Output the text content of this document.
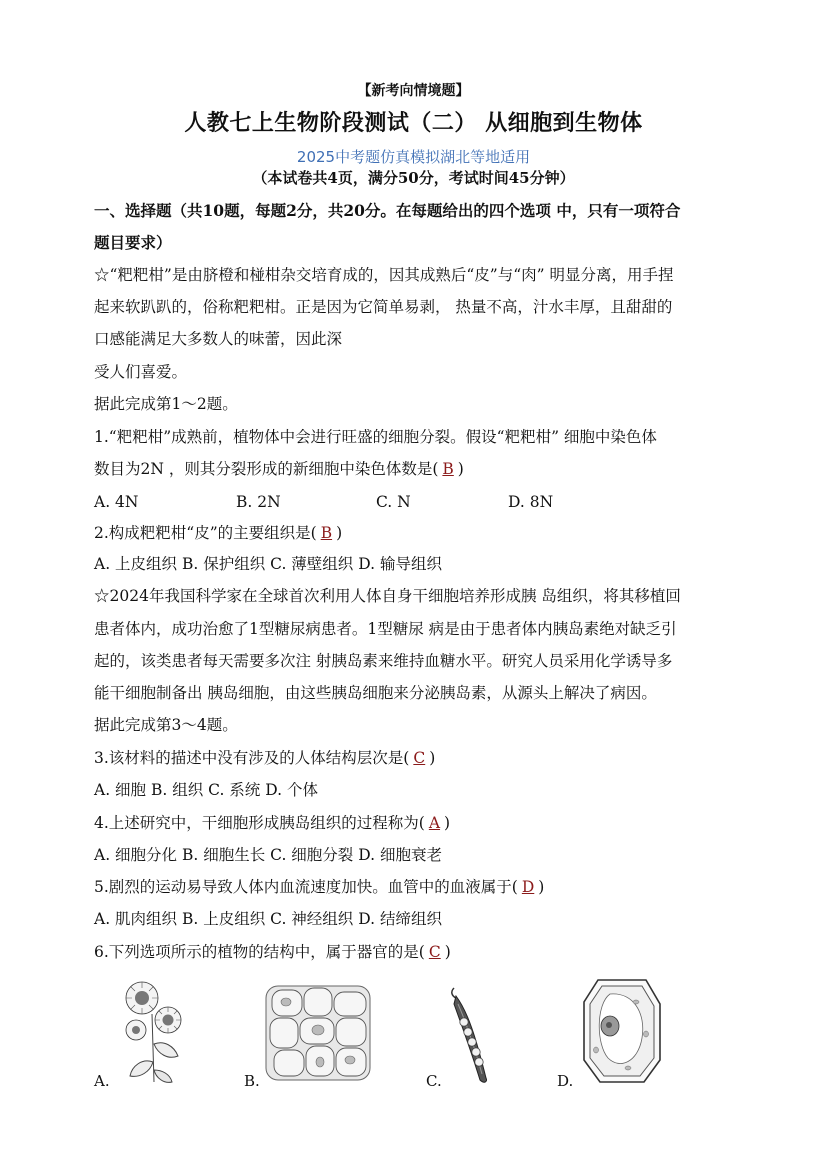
【新考向情境题】
人教七上生物阶段测试（二） 从细胞到生物体
2025中考题仿真模拟湖北等地适用
（本试卷共4页，满分50分，考试时间45分钟）
一、选择题（共10题，每题2分，共20分。在每题给出的四个选项 中，只有一项符合
题目要求）
☆“粑粑柑”是由脐橙和椪柑杂交培育成的，因其成熟后“皮”与“肉” 明显分离，用手捏
起来软趴趴的，俗称粑粑柑。正是因为它简单易剥， 热量不高，汁水丰厚，且甜甜的
口感能满足大多数人的味蕾，因此深
受人们喜爱。
据此完成第1～2题。
1.“粑粑柑”成熟前，植物体中会进行旺盛的细胞分裂。假设“粑粑柑” 细胞中染色体
数目为2N ，则其分裂形成的新细胞中染色体数是( B )
A. 4N	B. 2N	C. N	D. 8N
2.构成粑粑柑“皮”的主要组织是( B )
A. 上皮组织 B. 保护组织 C. 薄壁组织 D. 输导组织
☆2024年我国科学家在全球首次利用人体自身干细胞培养形成胰 岛组织，将其移植回
患者体内，成功治愈了1型糖尿病患者。1型糖尿 病是由于患者体内胰岛素绝对缺乏引
起的，该类患者每天需要多次注 射胰岛素来维持血糖水平。研究人员采用化学诱导多
能干细胞制备出 胰岛细胞，由这些胰岛细胞来分泌胰岛素，从源头上解决了病因。
据此完成第3～4题。
3.该材料的描述中没有涉及的人体结构层次是( C )
A. 细胞 B. 组织 C. 系统 D. 个体
4.上述研究中，干细胞形成胰岛组织的过程称为( A )
A. 细胞分化 B. 细胞生长 C. 细胞分裂 D. 细胞衰老
5.剧烈的运动易导致人体内血流速度加快。血管中的血液属于( D )
A. 肌肉组织 B. 上皮组织 C. 神经组织 D. 结缔组织
6.下列选项所示的植物的结构中，属于器官的是( C )
A.	B.	C.	D.
